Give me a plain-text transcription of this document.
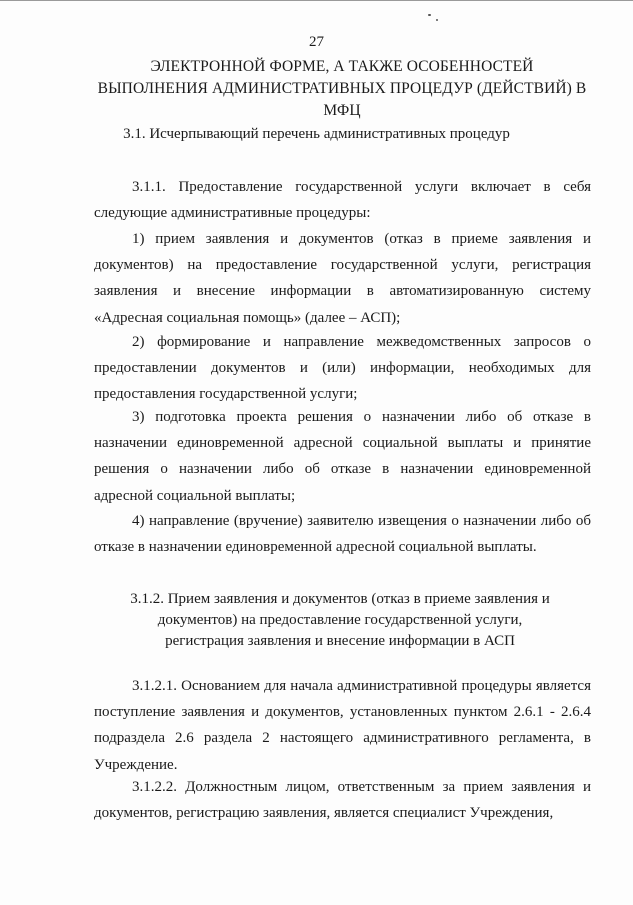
27
ЭЛЕКТРОННОЙ ФОРМЕ, А ТАКЖЕ ОСОБЕННОСТЕЙ ВЫПОЛНЕНИЯ АДМИНИСТРАТИВНЫХ ПРОЦЕДУР (ДЕЙСТВИЙ) В МФЦ
3.1. Исчерпывающий перечень административных процедур

3.1.1. Предоставление государственной услуги включает в себя следующие административные процедуры:

1) прием заявления и документов (отказ в приеме заявления и документов) на предоставление государственной услуги, регистрация заявления и внесение информации в автоматизированную систему «Адресная социальная помощь» (далее – АСП);

2) формирование и направление межведомственных запросов о предоставлении документов и (или) информации, необходимых для предоставления государственной услуги;

3) подготовка проекта решения о назначении либо об отказе в назначении единовременной адресной социальной выплаты и принятие решения о назначении либо об отказе в назначении единовременной адресной социальной выплаты;

4) направление (вручение) заявителю извещения о назначении либо об отказе в назначении единовременной адресной социальной выплаты.

3.1.2. Прием заявления и документов (отказ в приеме заявления и документов) на предоставление государственной услуги, регистрация заявления и внесение информации в АСП

3.1.2.1. Основанием для начала административной процедуры является поступление заявления и документов, установленных пунктом 2.6.1 - 2.6.4 подраздела 2.6 раздела 2 настоящего административного регламента, в Учреждение.

3.1.2.2. Должностным лицом, ответственным за прием заявления и документов, регистрацию заявления, является специалист Учреждения,
